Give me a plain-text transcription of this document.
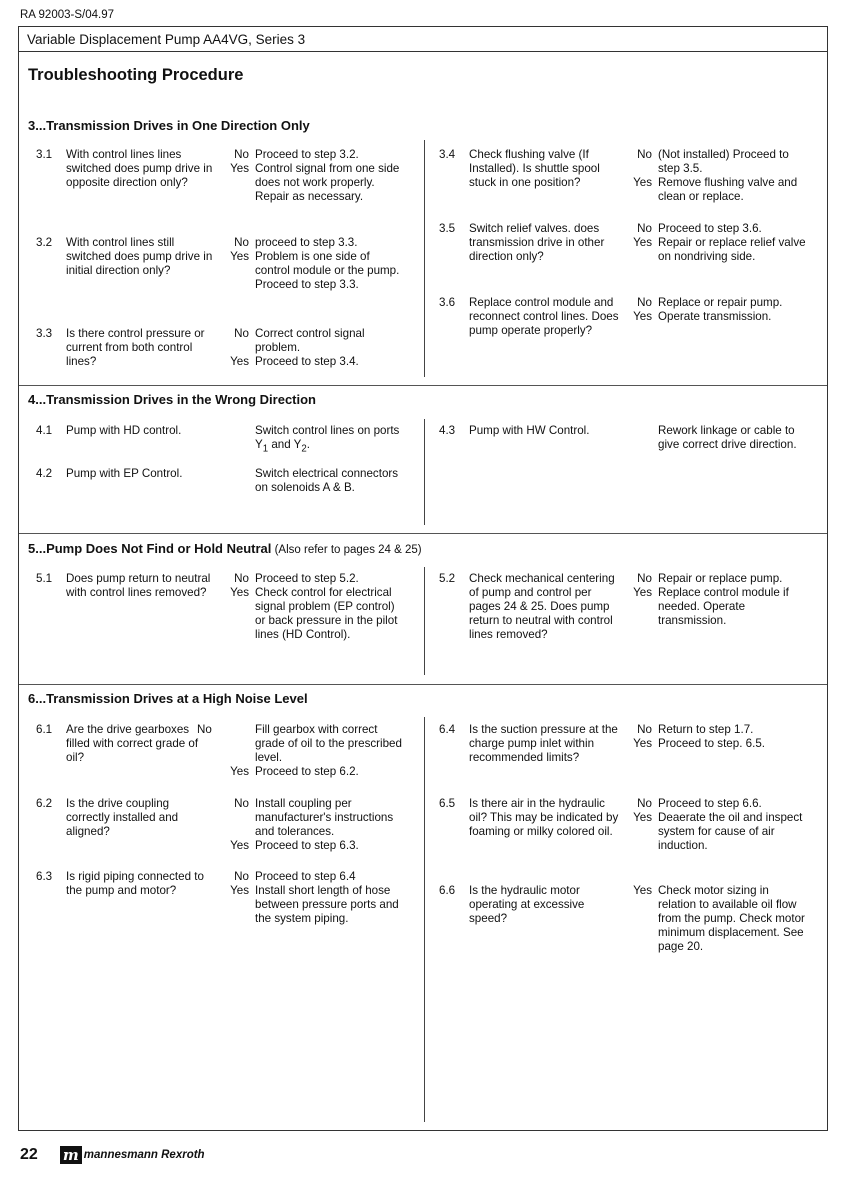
RA 92003-S/04.97
Variable Displacement Pump AA4VG, Series 3
Troubleshooting Procedure
3...Transmission Drives in One Direction Only
3.1	With control lines lines switched does pump drive in opposite direction only?
No Proceed to step 3.2.
Yes Control signal from one side does not work properly. Repair as necessary.
3.2	With control lines still switched does pump drive in initial direction only?
No proceed to step 3.3.
Yes Problem is one side of control module or the pump. Proceed to step 3.3.
3.3	Is there control pressure or current from both control lines?
No Correct control signal problem.
Yes Proceed to step 3.4.
3.4	Check flushing valve (If Installed). Is shuttle spool stuck in one position?
No (Not installed) Proceed to step 3.5.
Yes Remove flushing valve and clean or replace.
3.5	Switch relief valves. does transmission drive in other direction only?
No Proceed to step 3.6.
Yes Repair or replace relief valve on nondriving side.
3.6	Replace control module and reconnect control lines. Does pump operate properly?
No Replace or repair pump.
Yes Operate transmission.
4...Transmission Drives in the Wrong Direction
4.1	Pump with HD control.	Switch control lines on ports $Y_1$ and $Y_2$.
4.2	Pump with EP Control.	Switch electrical connectors on solenoids A & B.
4.3	Pump with HW Control.	Rework linkage or cable to give correct drive direction.
5...Pump Does Not Find or Hold Neutral (Also refer to pages 24 & 25)
5.1	Does pump return to neutral with control lines removed?
No Proceed to step 5.2.
Yes Check control for electrical signal problem (EP control) or back pressure in the pilot lines (HD Control).
5.2	Check mechanical centering of pump and control per pages 24 & 25. Does pump return to neutral with control lines removed?
No Repair or replace pump.
Yes Replace control module if needed. Operate transmission.
6...Transmission Drives at a High Noise Level
6.1	Are the drive gearboxes filled with correct grade of oil?
No	Fill gearbox with correct grade of oil to the prescribed level.
Yes Proceed to step 6.2.
6.2	Is the drive coupling correctly installed and aligned?
No Install coupling per manufacturer's instructions and tolerances.
Yes Proceed to step 6.3.
6.3	Is rigid piping connected to the pump and motor?
No Proceed to step 6.4
Yes Install short length of hose between pressure ports and the system piping.
6.4	Is the suction pressure at the charge pump inlet within recommended limits?
No Return to step 1.7.
Yes Proceed to step. 6.5.
6.5	Is there air in the hydraulic oil? This may be indicated by foaming or milky colored oil.
No Proceed to step 6.6.
Yes Deaerate the oil and inspect system for cause of air induction.
6.6	Is the hydraulic motor operating at excessive speed?
Yes Check motor sizing in relation to available oil flow from the pump. Check motor minimum displacement. See page 20.
22 m mannesmann Rexroth
